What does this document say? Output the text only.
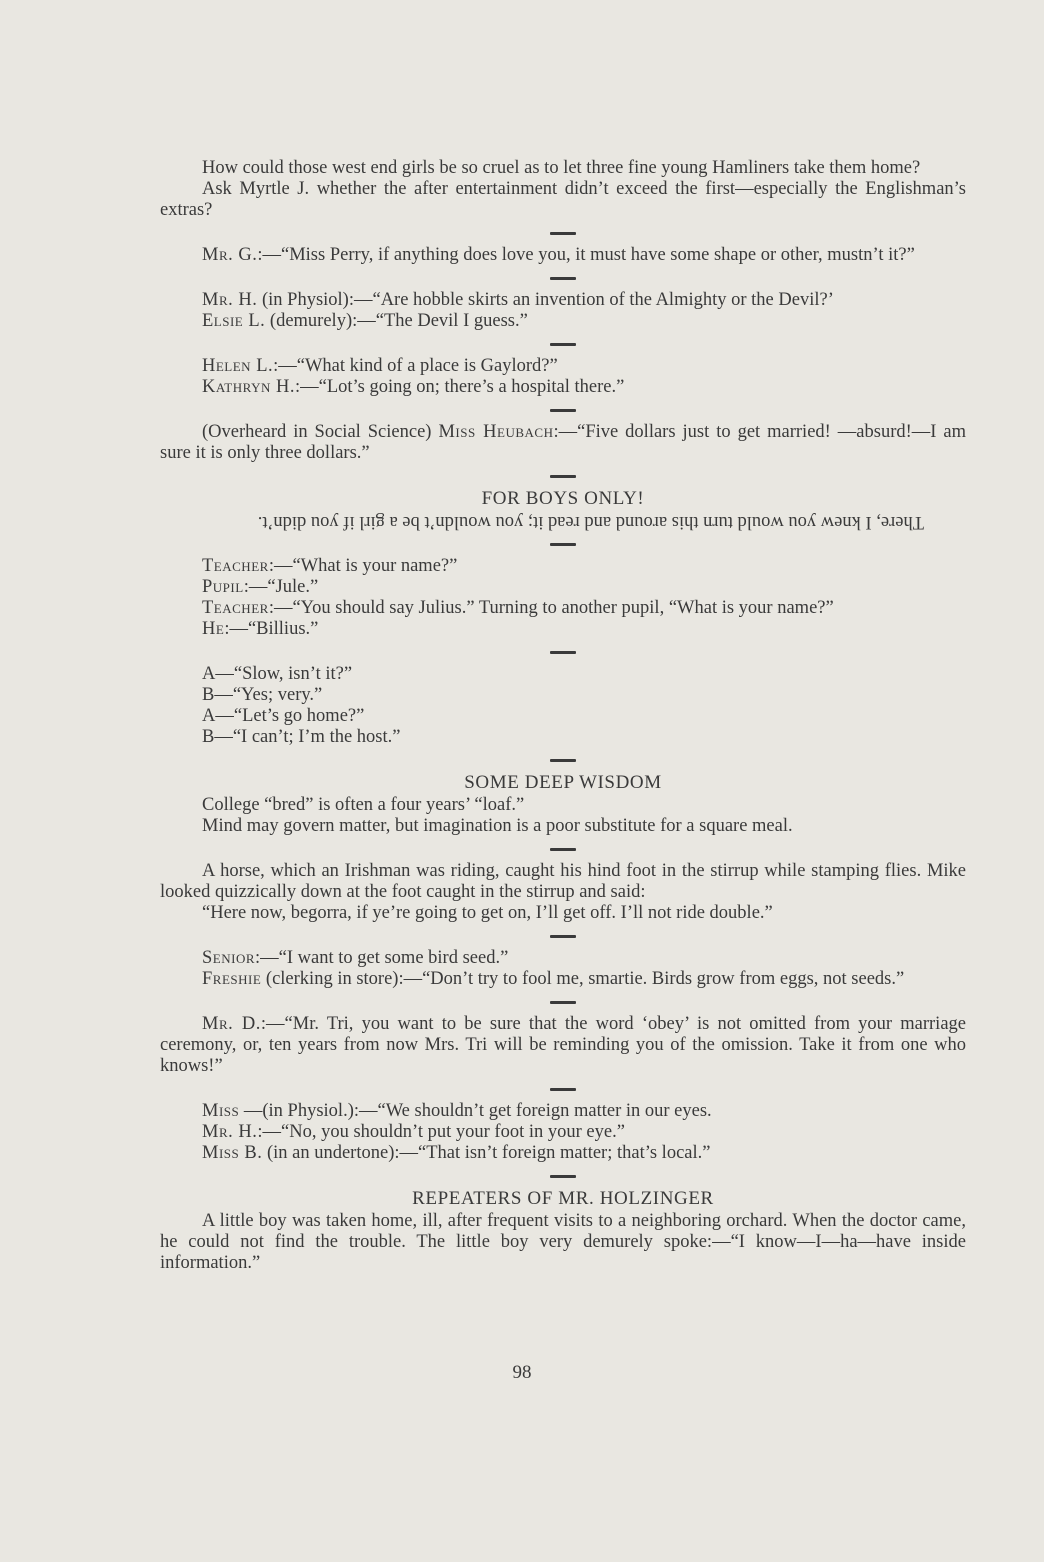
How could those west end girls be so cruel as to let three fine young Hamliners take them home?

Ask Myrtle J. whether the after entertainment didn’t exceed the first—especially the Englishman’s extras?

Mr. G.:—“Miss Perry, if anything does love you, it must have some shape or other, mustn’t it?”

Mr. H. (in Physiol):—“Are hobble skirts an invention of the Almighty or the Devil?’

Elsie L. (demurely):—“The Devil I guess.”

Helen L.:—“What kind of a place is Gaylord?”

Kathryn H.:—“Lot’s going on; there’s a hospital there.”

(Overheard in Social Science) Miss Heubach:—“Five dollars just to get married! —absurd!—I am sure it is only three dollars.”

FOR BOYS ONLY!

There, I knew you would turn this around and read it; you wouldn’t be a girl if you didn’t.

Teacher:—“What is your name?”

Pupil:—“Jule.”

Teacher:—“You should say Julius.” Turning to another pupil, “What is your name?”

He:—“Billius.”

A—“Slow, isn’t it?”

B—“Yes; very.”

A—“Let’s go home?”

B—“I can’t; I’m the host.”

SOME DEEP WISDOM

College “bred” is often a four years’ “loaf.”

Mind may govern matter, but imagination is a poor substitute for a square meal.

A horse, which an Irishman was riding, caught his hind foot in the stirrup while stamping flies. Mike looked quizzically down at the foot caught in the stirrup and said:

“Here now, begorra, if ye’re going to get on, I’ll get off. I’ll not ride double.”

Senior:—“I want to get some bird seed.”

Freshie (clerking in store):—“Don’t try to fool me, smartie. Birds grow from eggs, not seeds.”

Mr. D.:—“Mr. Tri, you want to be sure that the word ‘obey’ is not omitted from your marriage ceremony, or, ten years from now Mrs. Tri will be reminding you of the omission. Take it from one who knows!”

Miss —(in Physiol.):—“We shouldn’t get foreign matter in our eyes.

Mr. H.:—“No, you shouldn’t put your foot in your eye.”

Miss B. (in an undertone):—“That isn’t foreign matter; that’s local.”

REPEATERS OF MR. HOLZINGER

A little boy was taken home, ill, after frequent visits to a neighboring orchard. When the doctor came, he could not find the trouble. The little boy very demurely spoke:—“I know—I—ha—have inside information.”

98
